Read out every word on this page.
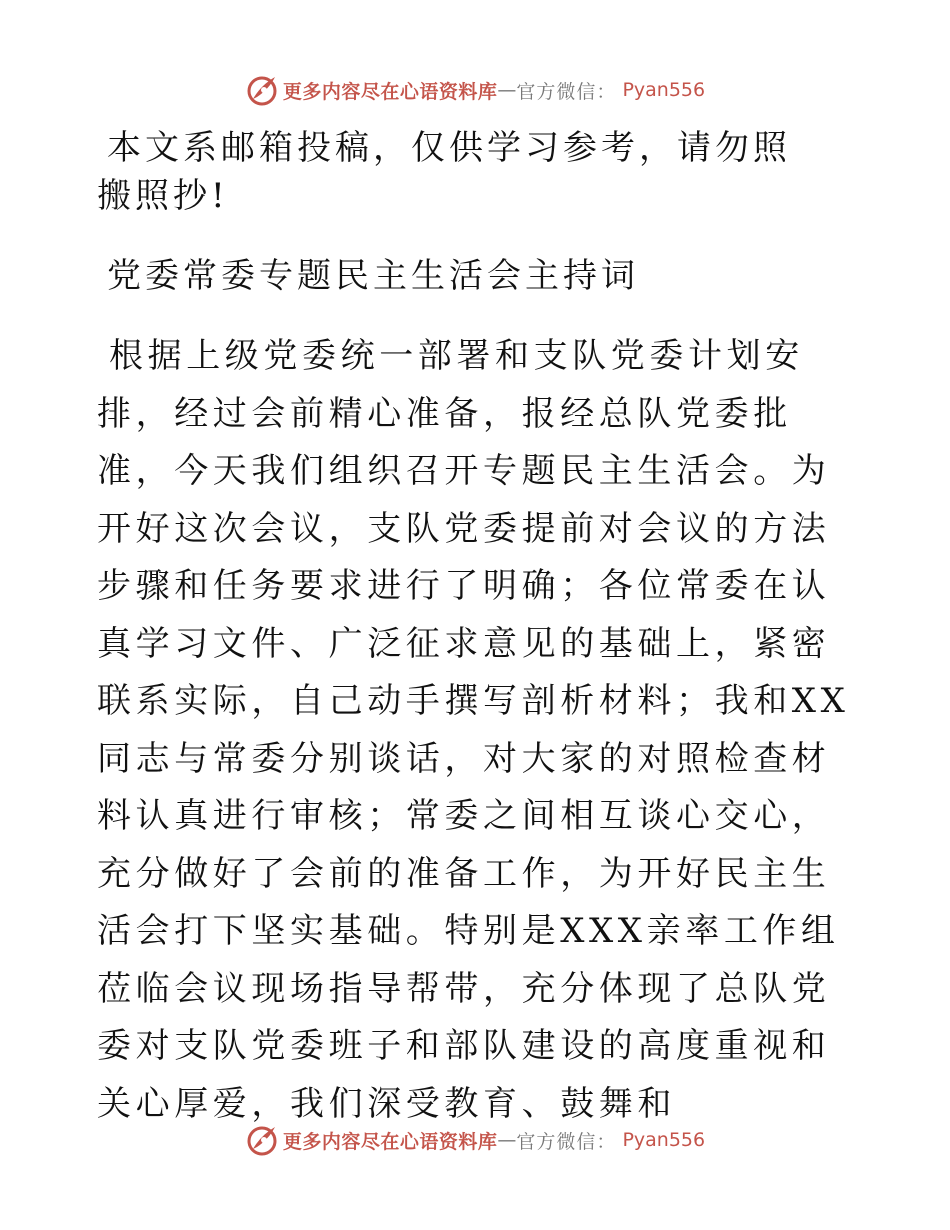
更多内容尽在心语资料库 — 官方微信： Pyan556

本文系邮箱投稿，仅供学习参考，请勿照搬照抄!

党委常委专题民主生活会主持词

根据上级党委统一部署和支队党委计划安排，经过会前精心准备，报经总队党委批准，今天我们组织召开专题民主生活会。为开好这次会议，支队党委提前对会议的方法步骤和任务要求进行了明确；各位常委在认真学习文件、广泛征求意见的基础上，紧密联系实际，自己动手撰写剖析材料；我和XX同志与常委分别谈话，对大家的对照检查材料认真进行审核；常委之间相互谈心交心，充分做好了会前的准备工作，为开好民主生活会打下坚实基础。特别是XXX亲率工作组莅临会议现场指导帮带，充分体现了总队党委对支队党委班子和部队建设的高度重视和关心厚爱，我们深受教育、鼓舞和

更多内容尽在心语资料库 — 官方微信： Pyan556
